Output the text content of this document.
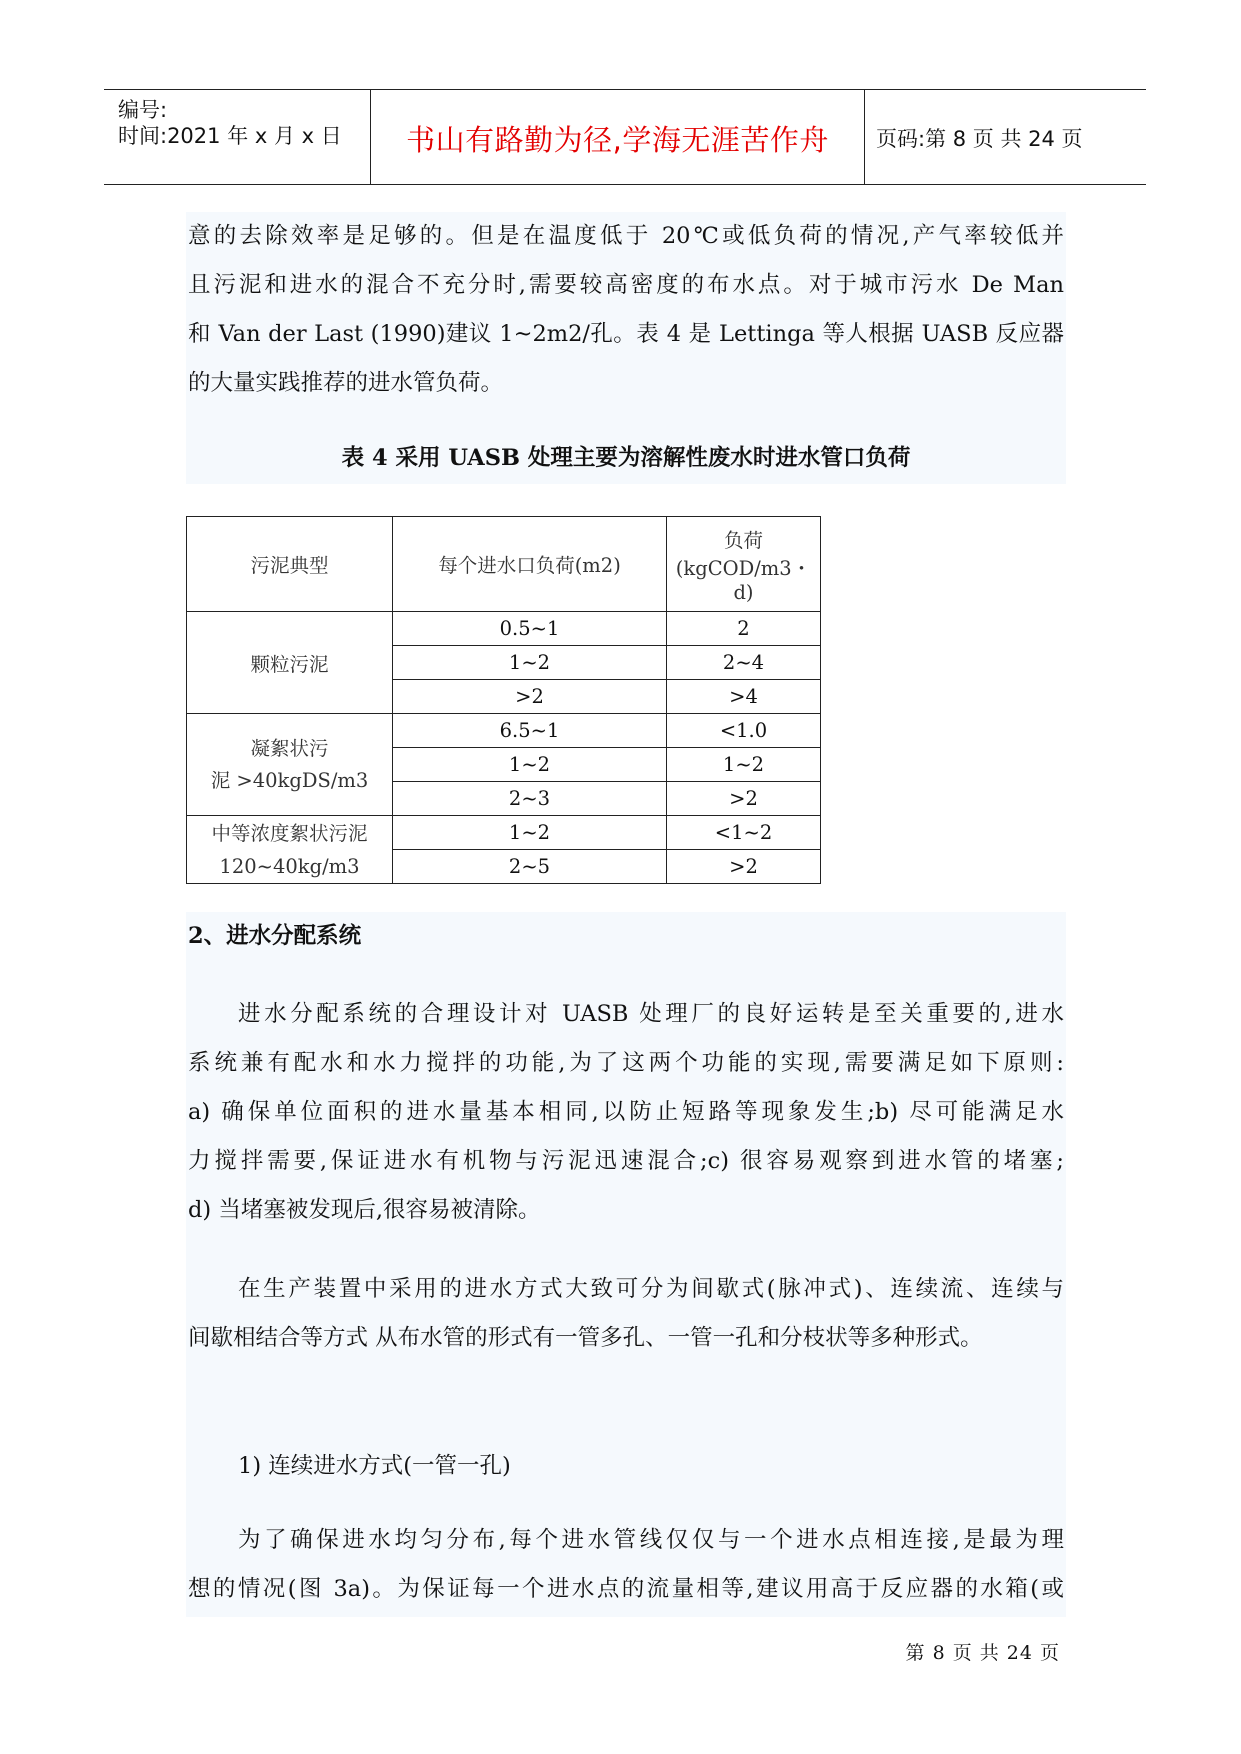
编号:
时间:2021 年 x 月 x 日	书山有路勤为径,学海无涯苦作舟	页码:第 8 页 共 24 页

意的去除效率是足够的。但是在温度低于 20℃或低负荷的情况,产气率较低并

且污泥和进水的混合不充分时,需要较高密度的布水点。对于城市污水 De Man

和 Van der Last (1990)建议 1~2m2/孔。表 4 是 Lettinga 等人根据 UASB 反应器

的大量实践推荐的进水管负荷。

表 4 采用 UASB 处理主要为溶解性废水时进水管口负荷
污泥典型	每个进水口负荷(m2)	负荷
(kgCOD/m3・d)

颗粒污泥	0.5~1	2
	1~2	2~4
	>2	>4

凝絮状污
泥 >40kgDS/m3	6.5~1	<1.0
	1~2	1~2
	2~3	>2

中等浓度絮状污泥
120~40kg/m3	1~2	<1~2
	2~5	>2
2、进水分配系统

进水分配系统的合理设计对 UASB 处理厂的良好运转是至关重要的,进水

系统兼有配水和水力搅拌的功能,为了这两个功能的实现,需要满足如下原则:

a) 确保单位面积的进水量基本相同,以防止短路等现象发生;b) 尽可能满足水

力搅拌需要,保证进水有机物与污泥迅速混合;c) 很容易观察到进水管的堵塞;

d) 当堵塞被发现后,很容易被清除。

在生产装置中采用的进水方式大致可分为间歇式(脉冲式)、连续流、连续与

间歇相结合等方式 从布水管的形式有一管多孔、一管一孔和分枝状等多种形式。

1) 连续进水方式(一管一孔)

为了确保进水均匀分布,每个进水管线仅仅与一个进水点相连接,是最为理

想的情况(图 3a)。为保证每一个进水点的流量相等,建议用高于反应器的水箱(或

第 8 页 共 24 页
